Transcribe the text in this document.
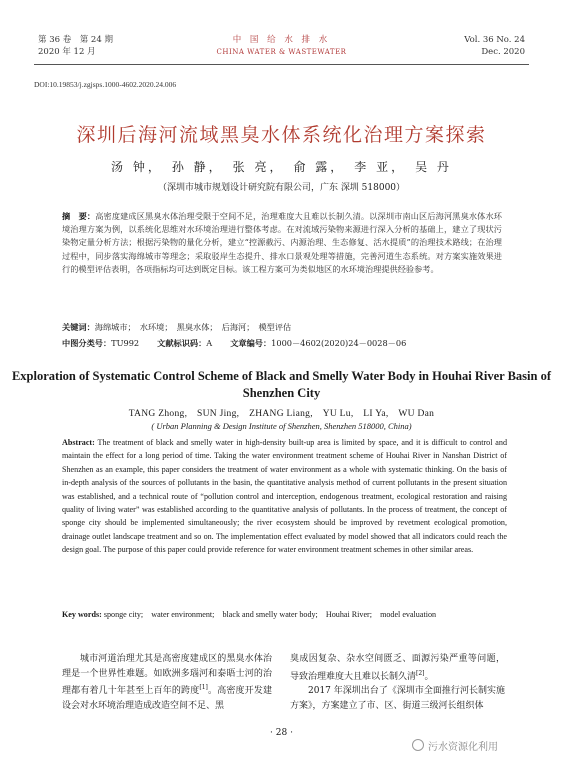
第 36 卷　第 24 期
2020 年 12 月
中 国 给 水 排 水
CHINA WATER & WASTEWATER
Vol. 36 No. 24
Dec. 2020
DOI:10.19853/j.zgjsps.1000-4602.2020.24.006
深圳后海河流域黑臭水体系统化治理方案探索
汤 钟，　孙 静，　张 亮，　俞 露，　李 亚，　吴 丹
（深圳市城市规划设计研究院有限公司，广东 深圳 518000）
摘　要：高密度建成区黑臭水体治理受限于空间不足，治理难度大且难以长制久清。以深圳市南山区后海河黑臭水体水环境治理方案为例，以系统化思维对水环境治理进行整体考虑。在对流域污染物来源进行深入分析的基础上，建立了现状污染物定量分析方法；根据污染物的量化分析，建立“控源截污、内源治理、生态修复、活水提质”的治理技术路线；在治理过程中，同步落实海绵城市等理念；采取驳岸生态提升、排水口景观处理等措施，完善河道生态系统。对方案实施效果进行的模型评估表明，各项指标均可达到既定目标。该工程方案可为类似地区的水环境治理提供经验参考。
关键词：海绵城市；　水环境；　黑臭水体；　后海河；　模型评估
中图分类号：TU992 文献标识码：A 文章编号：1000－4602(2020)24－0028－06
Exploration of Systematic Control Scheme of Black and Smelly Water Body in Houhai River Basin of Shenzhen City
TANG Zhong,　SUN Jing,　ZHANG Liang,　YU Lu,　LI Ya,　WU Dan
( Urban Planning & Design Institute of Shenzhen, Shenzhen 518000, China)
Abstract: The treatment of black and smelly water in high-density built-up area is limited by space, and it is difficult to control and maintain the effect for a long period of time. Taking the water environment treatment scheme of Houhai River in Nanshan District of Shenzhen as an example, this paper considers the treatment of water environment as a whole with systematic thinking. On the basis of in-depth analysis of the sources of pollutants in the basin, the quantitative analysis method of current pollutants in the present situation was established, and a technical route of “pollution control and interception, endogenous treatment, ecological restoration and raising quality of living water” was established according to the quantitative analysis of pollutants. In the process of treatment, the concept of sponge city should be implemented simultaneously; the river ecosystem should be improved by revetment ecological promotion, drainage outlet landscape treatment and so on. The implementation effect evaluated by model showed that all indicators could reach the design goal. The purpose of this paper could provide reference for water environment treatment schemes in other similar areas.
Key words: sponge city;　water environment;　black and smelly water body;　Houhai River;　model evaluation
城市河道治理尤其是高密度建成区的黑臭水体治理是一个世界性难题。如欧洲多瑙河和泰晤士河的治理都有着几十年甚至上百年的跨度[1]。高密度开发建设会对水环境治理造成改造空间不足、黑
臭成因复杂、杂水空间匮乏、面源污染严重等问题，导致治理难度大且难以长制久清[2]。
2017 年深圳出台了《深圳市全面推行河长制实施方案》，方案建立了市、区、街道三级河长组织体
· 28 ·
污水资源化利用
